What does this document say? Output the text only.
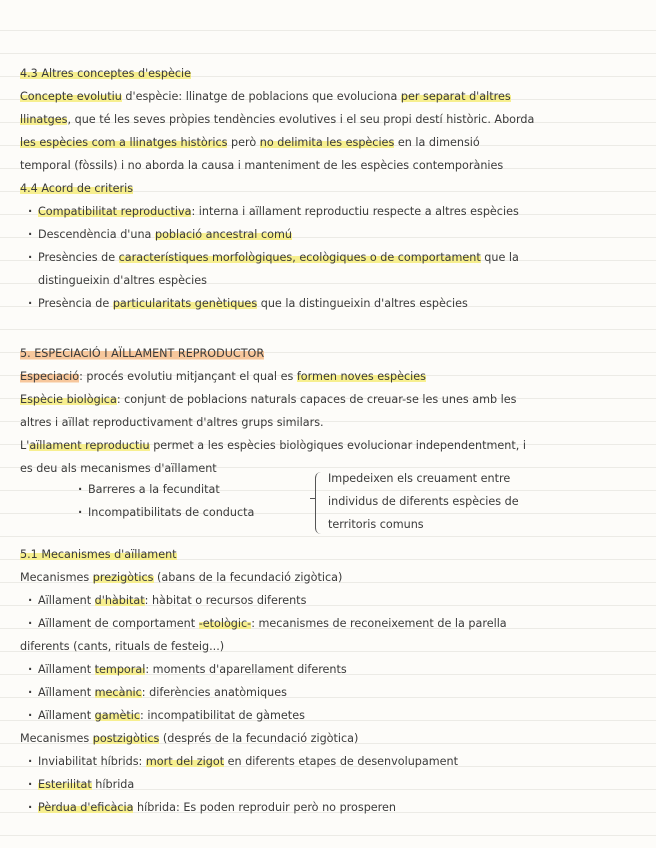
4.3 Altres conceptes d'espècie
Concepte evolutiu d'espècie: llinatge de poblacions que evoluciona per separat d'altres
llinatges, que té les seves pròpies tendències evolutives i el seu propi destí històric. Aborda
les espècies com a llinatges històrics però no delimita les espècies en la dimensió
temporal (fòssils) i no aborda la causa i manteniment de les espècies contemporànies
4.4 Acord de criteris
· Compatibilitat reproductiva: interna i aïllament reproductiu respecte a altres espècies
· Descendència d'una població ancestral comú
· Presències de característiques morfològiques, ecològiques o de comportament que la
distingueixin d'altres espècies
· Presència de particularitats genètiques que la distingueixin d'altres espècies
5. ESPECIACIÓ I AÏLLAMENT REPRODUCTOR
Especiació: procés evolutiu mitjançant el qual es formen noves espècies
Espècie biològica: conjunt de poblacions naturals capaces de creuar-se les unes amb les
altres i aïllat reproductivament d'altres grups similars.
L'aïllament reproductiu permet a les espècies biològiques evolucionar independentment, i
es deu als mecanismes d'aïllament
· Barreres a la fecunditat
· Incompatibilitats de conducta
Impedeixen els creuament entre
individus de diferents espècies de
territoris comuns
5.1 Mecanismes d'aïllament
Mecanismes prezigòtics (abans de la fecundació zigòtica)
· Aïllament d'hàbitat: hàbitat o recursos diferents
· Aïllament de comportament -etològic-: mecanismes de reconeixement de la parella
diferents (cants, rituals de festeig...)
· Aïllament temporal: moments d'aparellament diferents
· Aïllament mecànic: diferències anatòmiques
· Aïllament gamètic: incompatibilitat de gàmetes
Mecanismes postzigòtics (després de la fecundació zigòtica)
· Inviabilitat híbrids: mort del zigot en diferents etapes de desenvolupament
· Esterilitat híbrida
· Pèrdua d'eficàcia híbrida: Es poden reproduir però no prosperen
